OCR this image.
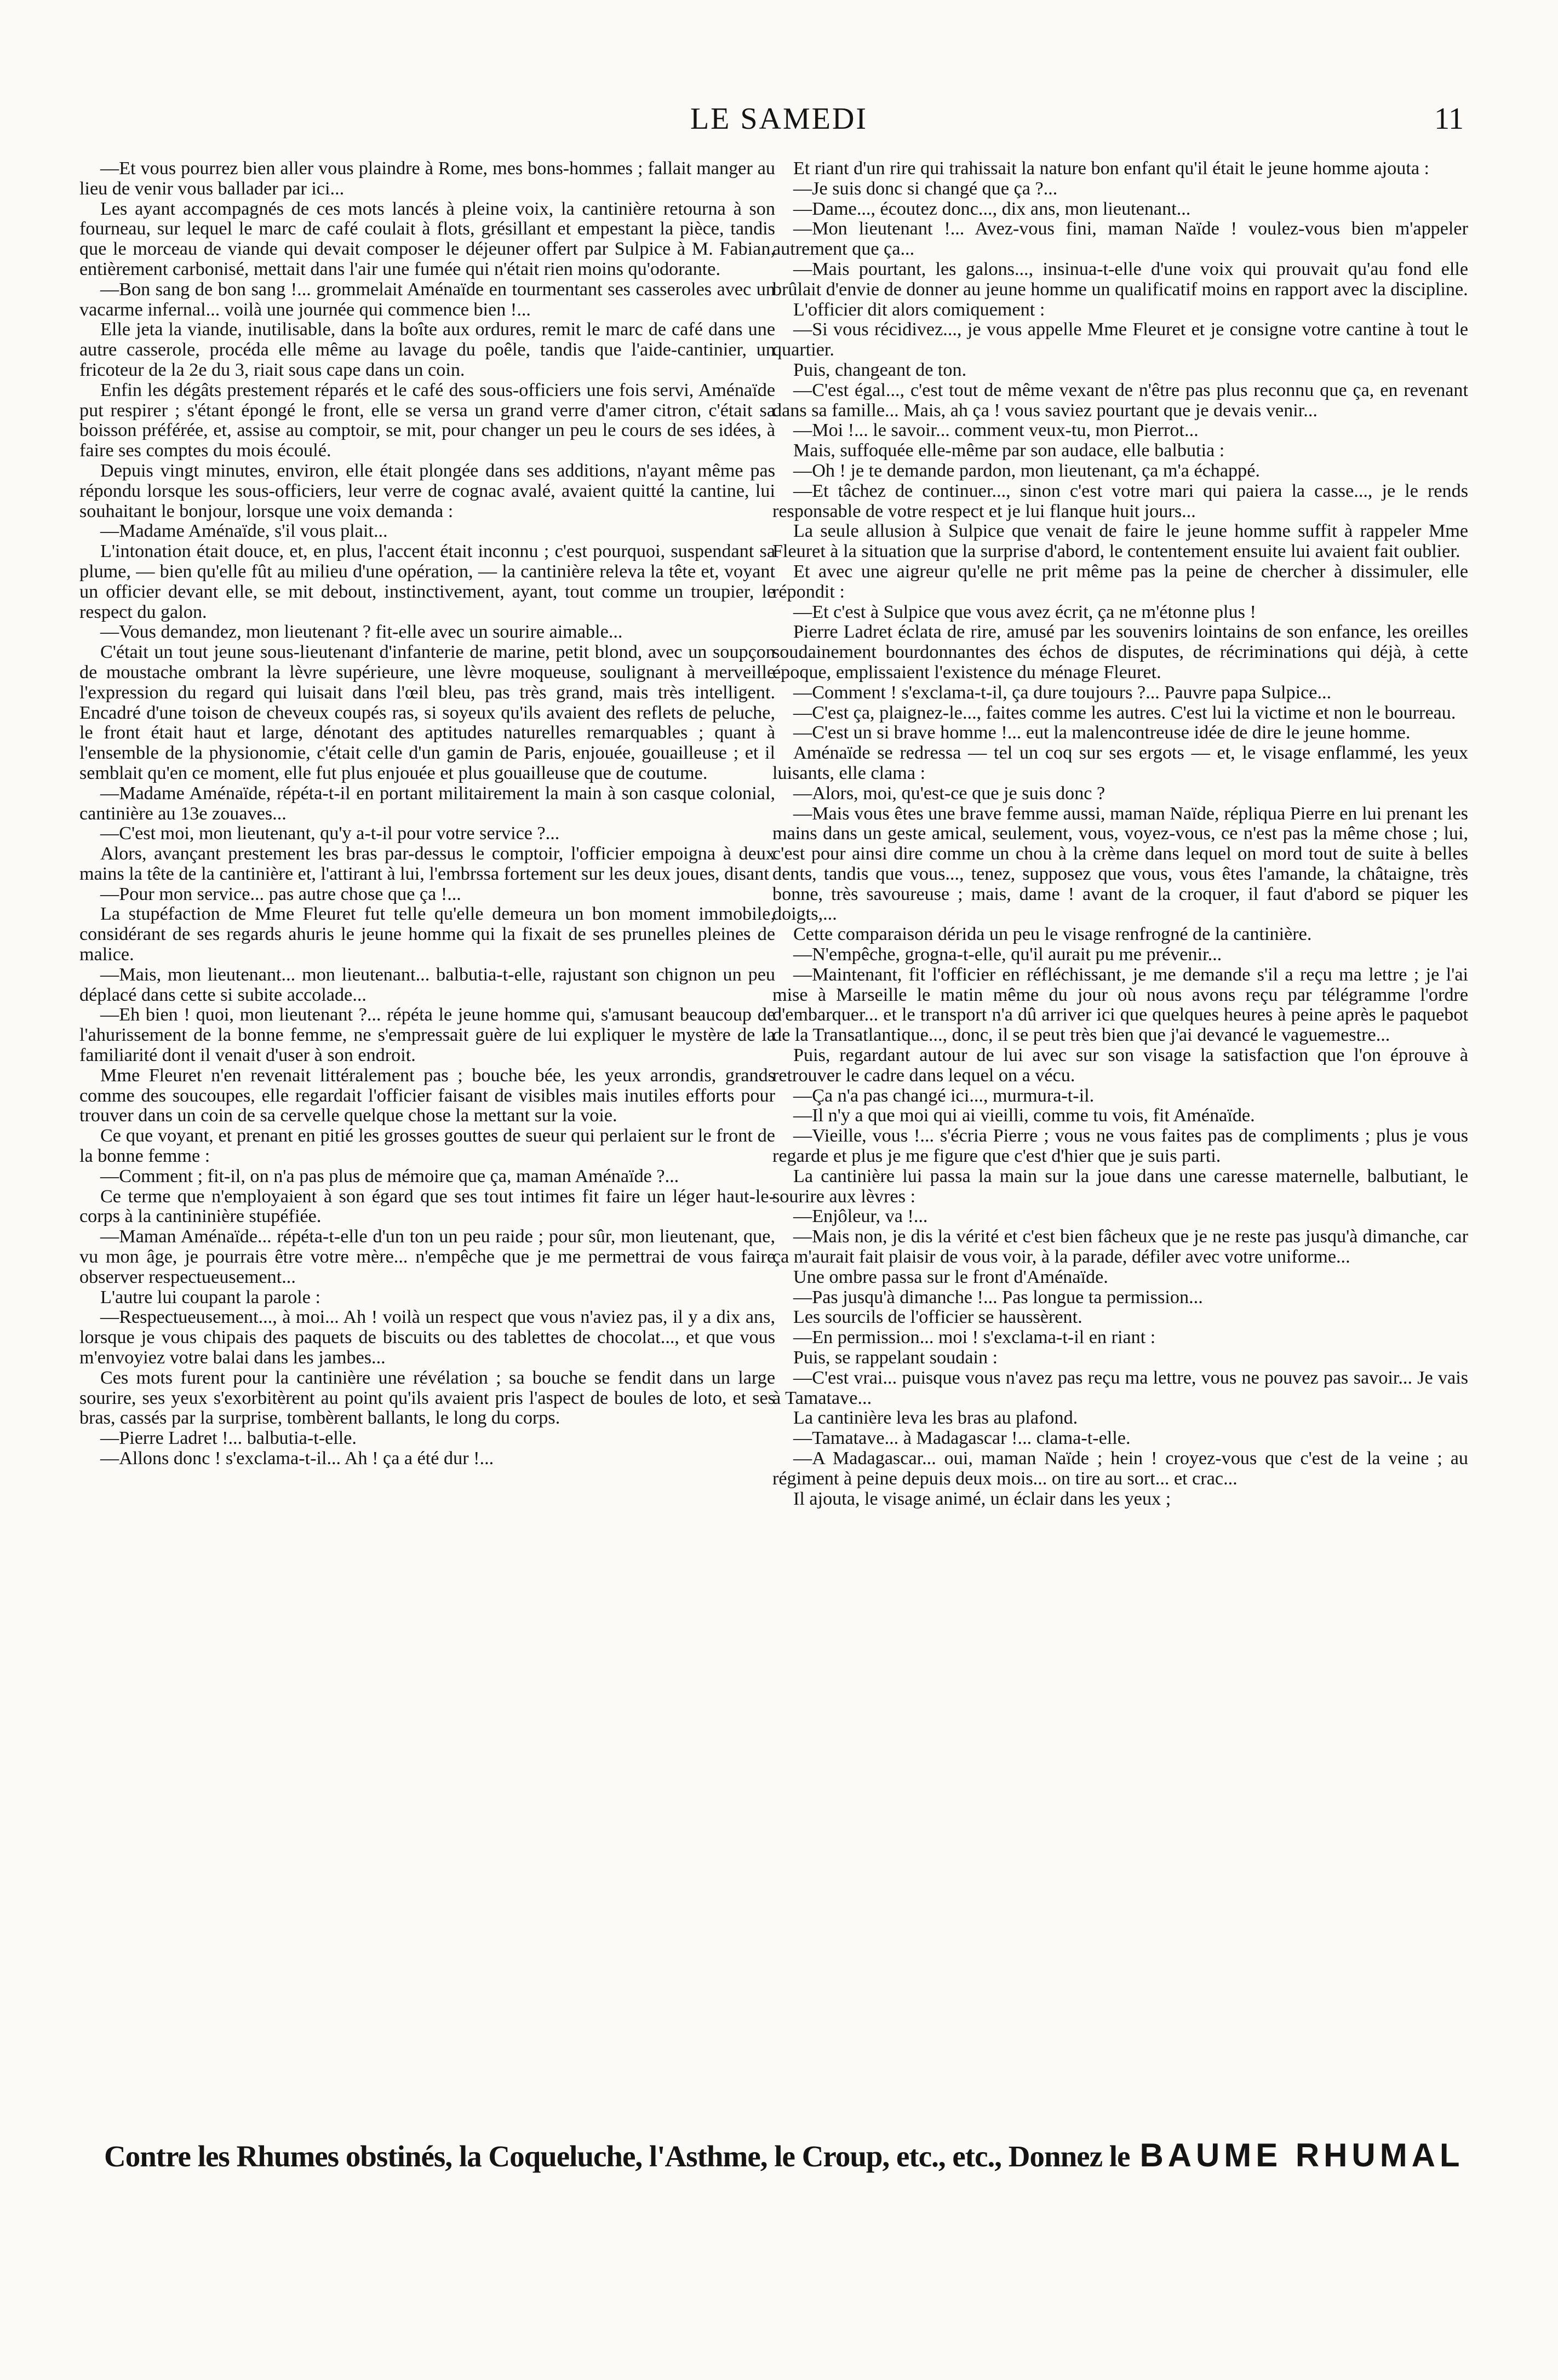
LE SAMEDI	11

—Et vous pourrez bien aller vous plaindre à Rome, mes bons-hommes ; fallait manger au lieu de venir vous ballader par ici...

Les ayant accompagnés de ces mots lancés à pleine voix, la cantinière retourna à son fourneau, sur lequel le marc de café coulait à flots, grésillant et empestant la pièce, tandis que le morceau de viande qui devait composer le déjeuner offert par Sulpice à M. Fabian, entièrement carbonisé, mettait dans l'air une fumée qui n'était rien moins qu'odorante.

—Bon sang de bon sang !... grommelait Aménaïde en tourmentant ses casseroles avec un vacarme infernal... voilà une journée qui commence bien !...

Elle jeta la viande, inutilisable, dans la boîte aux ordures, remit le marc de café dans une autre casserole, procéda elle même au lavage du poêle, tandis que l'aide-cantinier, un fricoteur de la 2e du 3, riait sous cape dans un coin.

Enfin les dégâts prestement réparés et le café des sous-officiers une fois servi, Aménaïde put respirer ; s'étant épongé le front, elle se versa un grand verre d'amer citron, c'était sa boisson préférée, et, assise au comptoir, se mit, pour changer un peu le cours de ses idées, à faire ses comptes du mois écoulé.

Depuis vingt minutes, environ, elle était plongée dans ses additions, n'ayant même pas répondu lorsque les sous-officiers, leur verre de cognac avalé, avaient quitté la cantine, lui souhaitant le bonjour, lorsque une voix demanda :

—Madame Aménaïde, s'il vous plait...

L'intonation était douce, et, en plus, l'accent était inconnu ; c'est pourquoi, suspendant sa plume, — bien qu'elle fût au milieu d'une opération, — la cantinière releva la tête et, voyant un officier devant elle, se mit debout, instinctivement, ayant, tout comme un troupier, le respect du galon.

—Vous demandez, mon lieutenant ? fit-elle avec un sourire aimable...

C'était un tout jeune sous-lieutenant d'infanterie de marine, petit blond, avec un soupçon de moustache ombrant la lèvre supérieure, une lèvre moqueuse, soulignant à merveille l'expression du regard qui luisait dans l'œil bleu, pas très grand, mais très intelligent. Encadré d'une toison de cheveux coupés ras, si soyeux qu'ils avaient des reflets de peluche, le front était haut et large, dénotant des aptitudes naturelles remarquables ; quant à l'ensemble de la physionomie, c'était celle d'un gamin de Paris, enjouée, gouailleuse ; et il semblait qu'en ce moment, elle fut plus enjouée et plus gouailleuse que de coutume.

—Madame Aménaïde, répéta-t-il en portant militairement la main à son casque colonial, cantinière au 13e zouaves...

—C'est moi, mon lieutenant, qu'y a-t-il pour votre service ?...

Alors, avançant prestement les bras par-dessus le comptoir, l'officier empoigna à deux mains la tête de la cantinière et, l'attirant à lui, l'embrssa fortement sur les deux joues, disant

—Pour mon service... pas autre chose que ça !...

La stupéfaction de Mme Fleuret fut telle qu'elle demeura un bon moment immobile, considérant de ses regards ahuris le jeune homme qui la fixait de ses prunelles pleines de malice.

—Mais, mon lieutenant... mon lieutenant... balbutia-t-elle, rajustant son chignon un peu déplacé dans cette si subite accolade...

—Eh bien ! quoi, mon lieutenant ?... répéta le jeune homme qui, s'amusant beaucoup de l'ahurissement de la bonne femme, ne s'empressait guère de lui expliquer le mystère de la familiarité dont il venait d'user à son endroit.

Mme Fleuret n'en revenait littéralement pas ; bouche bée, les yeux arrondis, grands comme des soucoupes, elle regardait l'officier faisant de visibles mais inutiles efforts pour trouver dans un coin de sa cervelle quelque chose la mettant sur la voie.

Ce que voyant, et prenant en pitié les grosses gouttes de sueur qui perlaient sur le front de la bonne femme :

—Comment ; fit-il, on n'a pas plus de mémoire que ça, maman Aménaïde ?...

Ce terme que n'employaient à son égard que ses tout intimes fit faire un léger haut-le-corps à la cantininière stupéfiée.

—Maman Aménaïde... répéta-t-elle d'un ton un peu raide ; pour sûr, mon lieutenant, que, vu mon âge, je pourrais être votre mère... n'empêche que je me permettrai de vous faire observer respectueusement...

L'autre lui coupant la parole :

—Respectueusement..., à moi... Ah ! voilà un respect que vous n'aviez pas, il y a dix ans, lorsque je vous chipais des paquets de biscuits ou des tablettes de chocolat..., et que vous m'envoyiez votre balai dans les jambes...

Ces mots furent pour la cantinière une révélation ; sa bouche se fendit dans un large sourire, ses yeux s'exorbitèrent au point qu'ils avaient pris l'aspect de boules de loto, et ses bras, cassés par la surprise, tombèrent ballants, le long du corps.

—Pierre Ladret !... balbutia-t-elle.

—Allons donc ! s'exclama-t-il... Ah ! ça a été dur !...

Et riant d'un rire qui trahissait la nature bon enfant qu'il était le jeune homme ajouta :

—Je suis donc si changé que ça ?...

—Dame..., écoutez donc..., dix ans, mon lieutenant...

—Mon lieutenant !... Avez-vous fini, maman Naïde ! voulez-vous bien m'appeler autrement que ça...

—Mais pourtant, les galons..., insinua-t-elle d'une voix qui prouvait qu'au fond elle brûlait d'envie de donner au jeune homme un qualificatif moins en rapport avec la discipline.

L'officier dit alors comiquement :

—Si vous récidivez..., je vous appelle Mme Fleuret et je consigne votre cantine à tout le quartier.

Puis, changeant de ton.

—C'est égal..., c'est tout de même vexant de n'être pas plus reconnu que ça, en revenant dans sa famille... Mais, ah ça ! vous saviez pourtant que je devais venir...

—Moi !... le savoir... comment veux-tu, mon Pierrot...

Mais, suffoquée elle-même par son audace, elle balbutia :

—Oh ! je te demande pardon, mon lieutenant, ça m'a échappé.

—Et tâchez de continuer..., sinon c'est votre mari qui paiera la casse..., je le rends responsable de votre respect et je lui flanque huit jours...

La seule allusion à Sulpice que venait de faire le jeune homme suffit à rappeler Mme Fleuret à la situation que la surprise d'abord, le contentement ensuite lui avaient fait oublier.

Et avec une aigreur qu'elle ne prit même pas la peine de chercher à dissimuler, elle répondit :

—Et c'est à Sulpice que vous avez écrit, ça ne m'étonne plus !

Pierre Ladret éclata de rire, amusé par les souvenirs lointains de son enfance, les oreilles soudainement bourdonnantes des échos de disputes, de récriminations qui déjà, à cette époque, emplissaient l'existence du ménage Fleuret.

—Comment ! s'exclama-t-il, ça dure toujours ?... Pauvre papa Sulpice...

—C'est ça, plaignez-le..., faites comme les autres. C'est lui la victime et non le bourreau.

—C'est un si brave homme !... eut la malencontreuse idée de dire le jeune homme.

Aménaïde se redressa — tel un coq sur ses ergots — et, le visage enflammé, les yeux luisants, elle clama :

—Alors, moi, qu'est-ce que je suis donc ?

—Mais vous êtes une brave femme aussi, maman Naïde, répliqua Pierre en lui prenant les mains dans un geste amical, seulement, vous, voyez-vous, ce n'est pas la même chose ; lui, c'est pour ainsi dire comme un chou à la crème dans lequel on mord tout de suite à belles dents, tandis que vous..., tenez, supposez que vous, vous êtes l'amande, la châtaigne, très bonne, très savoureuse ; mais, dame ! avant de la croquer, il faut d'abord se piquer les doigts,...

Cette comparaison dérida un peu le visage renfrogné de la cantinière.

—N'empêche, grogna-t-elle, qu'il aurait pu me prévenir...

—Maintenant, fit l'officier en réfléchissant, je me demande s'il a reçu ma lettre ; je l'ai mise à Marseille le matin même du jour où nous avons reçu par télégramme l'ordre d'embarquer... et le transport n'a dû arriver ici que quelques heures à peine après le paquebot de la Transatlantique..., donc, il se peut très bien que j'ai devancé le vaguemestre...

Puis, regardant autour de lui avec sur son visage la satisfaction que l'on éprouve à retrouver le cadre dans lequel on a vécu.

—Ça n'a pas changé ici..., murmura-t-il.

—Il n'y a que moi qui ai vieilli, comme tu vois, fit Aménaïde.

—Vieille, vous !... s'écria Pierre ; vous ne vous faites pas de compliments ; plus je vous regarde et plus je me figure que c'est d'hier que je suis parti.

La cantinière lui passa la main sur la joue dans une caresse maternelle, balbutiant, le sourire aux lèvres :

—Enjôleur, va !...

—Mais non, je dis la vérité et c'est bien fâcheux que je ne reste pas jusqu'à dimanche, car ça m'aurait fait plaisir de vous voir, à la parade, défiler avec votre uniforme...

Une ombre passa sur le front d'Aménaïde.

—Pas jusqu'à dimanche !... Pas longue ta permission...

Les sourcils de l'officier se haussèrent.

—En permission... moi ! s'exclama-t-il en riant :

Puis, se rappelant soudain :

—C'est vrai... puisque vous n'avez pas reçu ma lettre, vous ne pouvez pas savoir... Je vais à Tamatave...

La cantinière leva les bras au plafond.

—Tamatave... à Madagascar !... clama-t-elle.

—A Madagascar... oui, maman Naïde ; hein ! croyez-vous que c'est de la veine ; au régiment à peine depuis deux mois... on tire au sort... et crac...

Il ajouta, le visage animé, un éclair dans les yeux ;

Contre les Rhumes obstinés, la Coqueluche, l'Asthme, le Croup, etc., etc., Donnez le BAUME RHUMAL
